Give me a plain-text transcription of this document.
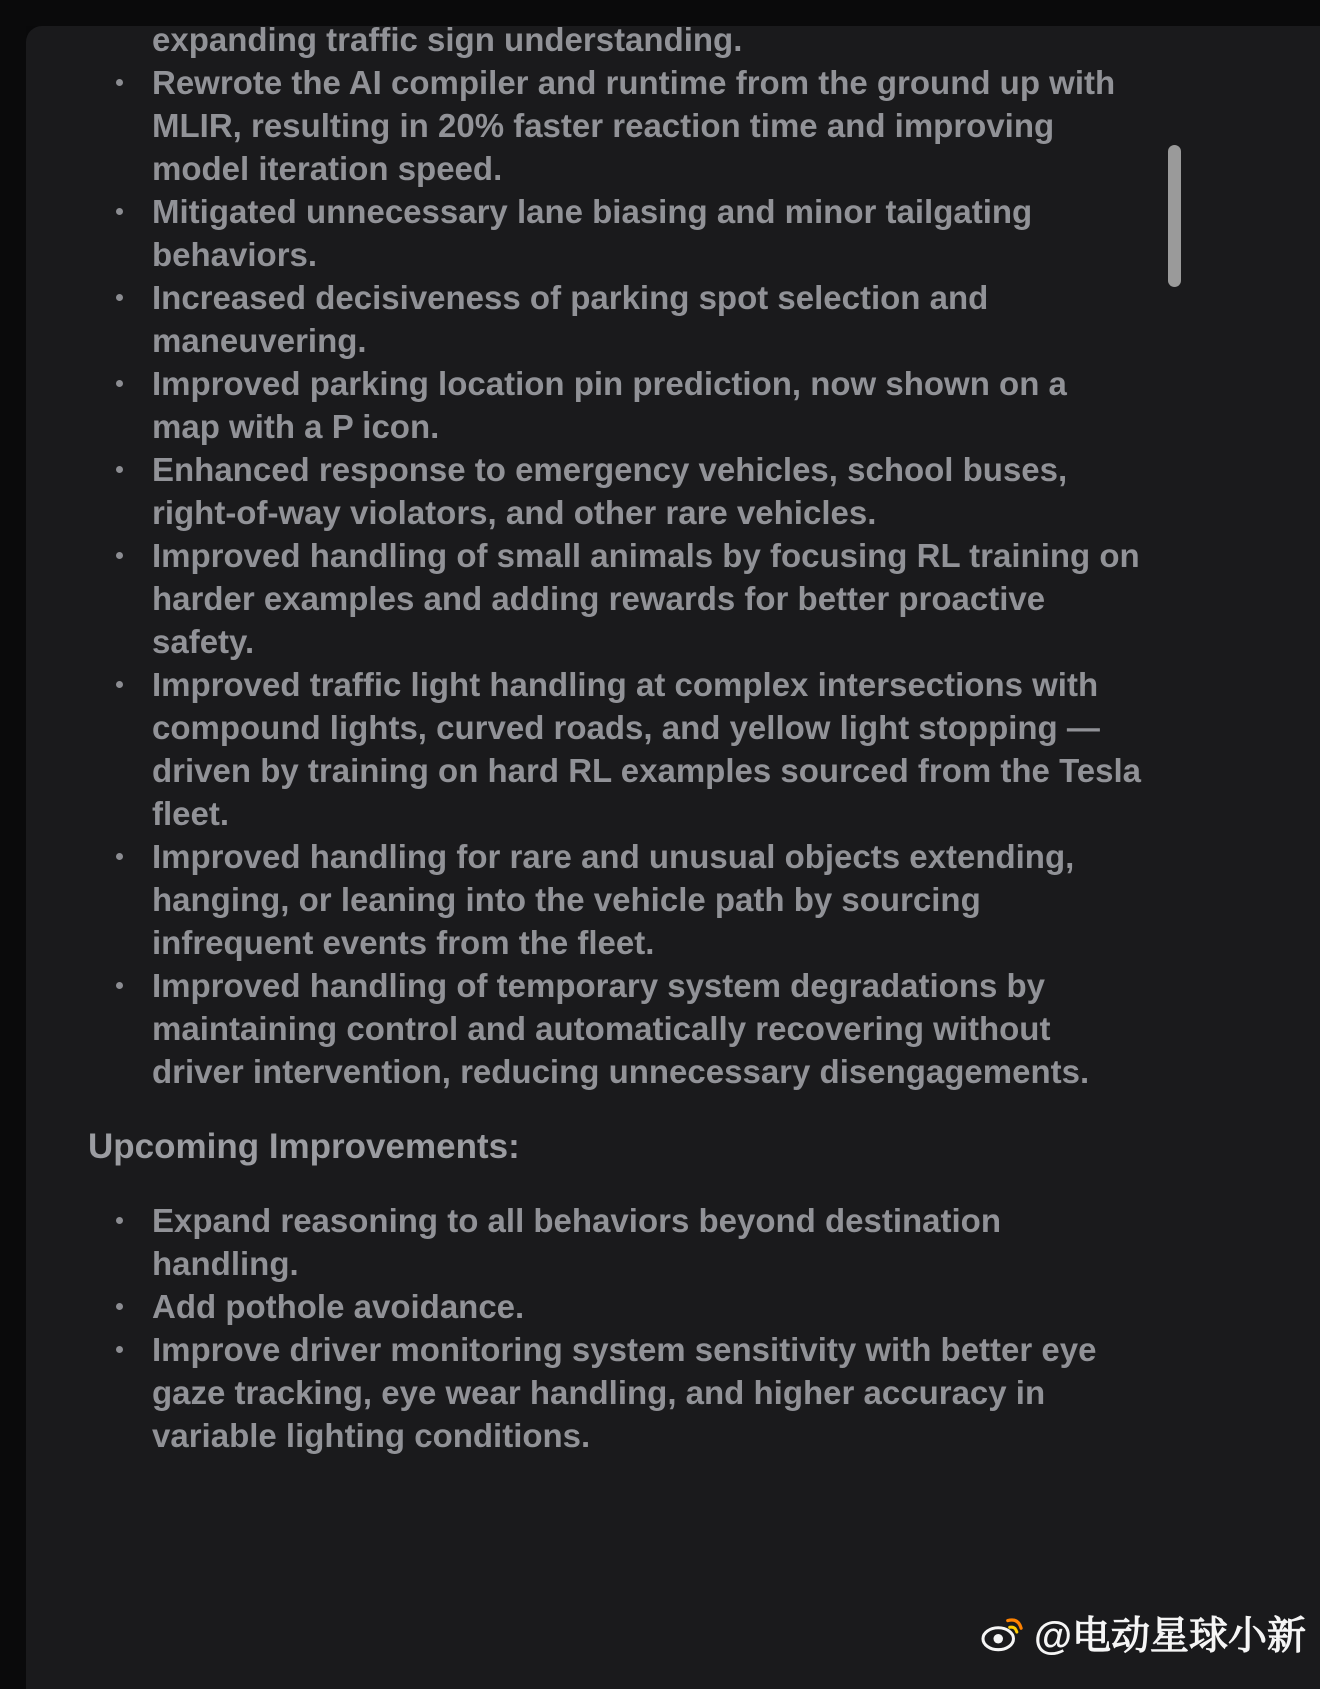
expanding traffic sign understanding.
Rewrote the AI compiler and runtime from the ground up with MLIR, resulting in 20% faster reaction time and improving model iteration speed.
Mitigated unnecessary lane biasing and minor tailgating behaviors.
Increased decisiveness of parking spot selection and maneuvering.
Improved parking location pin prediction, now shown on a map with a P icon.
Enhanced response to emergency vehicles, school buses, right-of-way violators, and other rare vehicles.
Improved handling of small animals by focusing RL training on harder examples and adding rewards for better proactive safety.
Improved traffic light handling at complex intersections with compound lights, curved roads, and yellow light stopping — driven by training on hard RL examples sourced from the Tesla fleet.
Improved handling for rare and unusual objects extending, hanging, or leaning into the vehicle path by sourcing infrequent events from the fleet.
Improved handling of temporary system degradations by maintaining control and automatically recovering without driver intervention, reducing unnecessary disengagements.
Upcoming Improvements:
Expand reasoning to all behaviors beyond destination handling.
Add pothole avoidance.
Improve driver monitoring system sensitivity with better eye gaze tracking, eye wear handling, and higher accuracy in variable lighting conditions.
@电动星球小新
